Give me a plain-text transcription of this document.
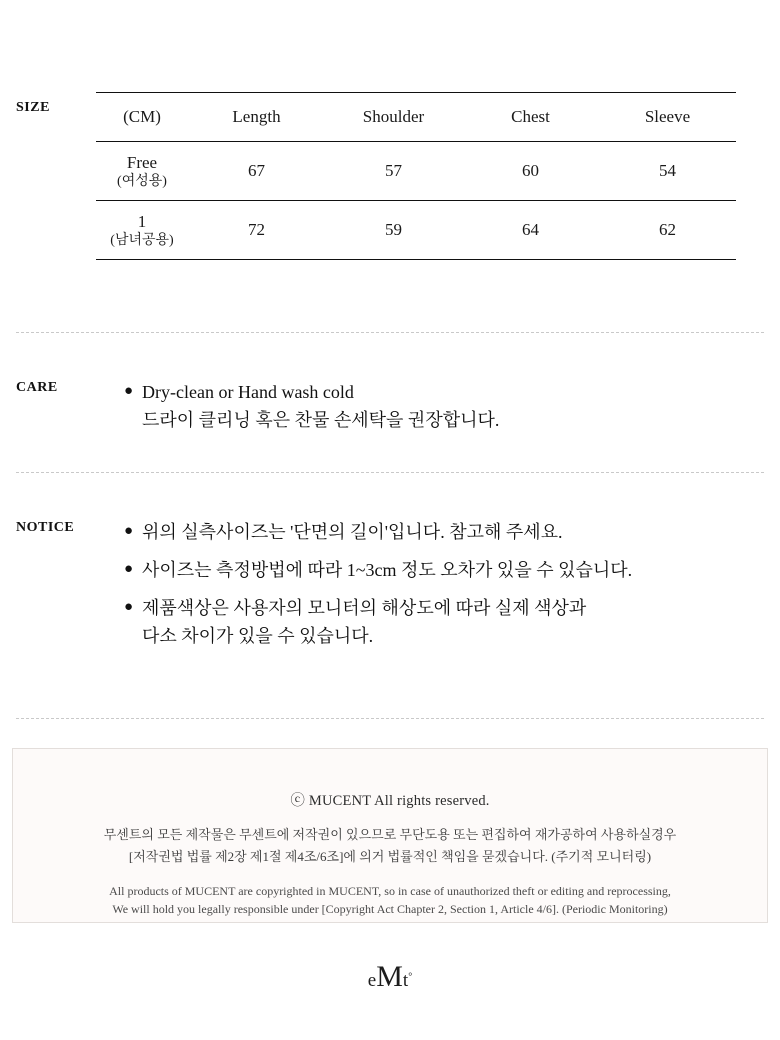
SIZE	(CM)	Length	Shoulder	Chest	Sleeve

Free
(여성용)	67	57	60	54

1
(남녀공용)	72	59	64	62
CARE	● Dry-clean or Hand wash cold
드라이 클리닝 혹은 찬물 손세탁을 권장합니다.
NOTICE	● 위의 실측사이즈는 '단면의 길이'입니다. 참고해 주세요.
● 사이즈는 측정방법에 따라 1~3cm 정도 오차가 있을 수 있습니다.
● 제품색상은 사용자의 모니터의 해상도에 따라 실제 색상과
다소 차이가 있을 수 있습니다.
ⓒ MUCENT All rights reserved.
무센트의 모든 제작물은 무센트에 저작권이 있으므로 무단도용 또는 편집하여 재가공하여 사용하실경우
[저작권법 법률 제2장 제1절 제4조/6조]에 의거 법률적인 책임을 묻겠습니다. (주기적 모니터링)
All products of MUCENT are copyrighted in MUCENT, so in case of unauthorized theft or editing and reprocessing,
We will hold you legally responsible under [Copyright Act Chapter 2, Section 1, Article 4/6]. (Periodic Monitoring)
eMt°
